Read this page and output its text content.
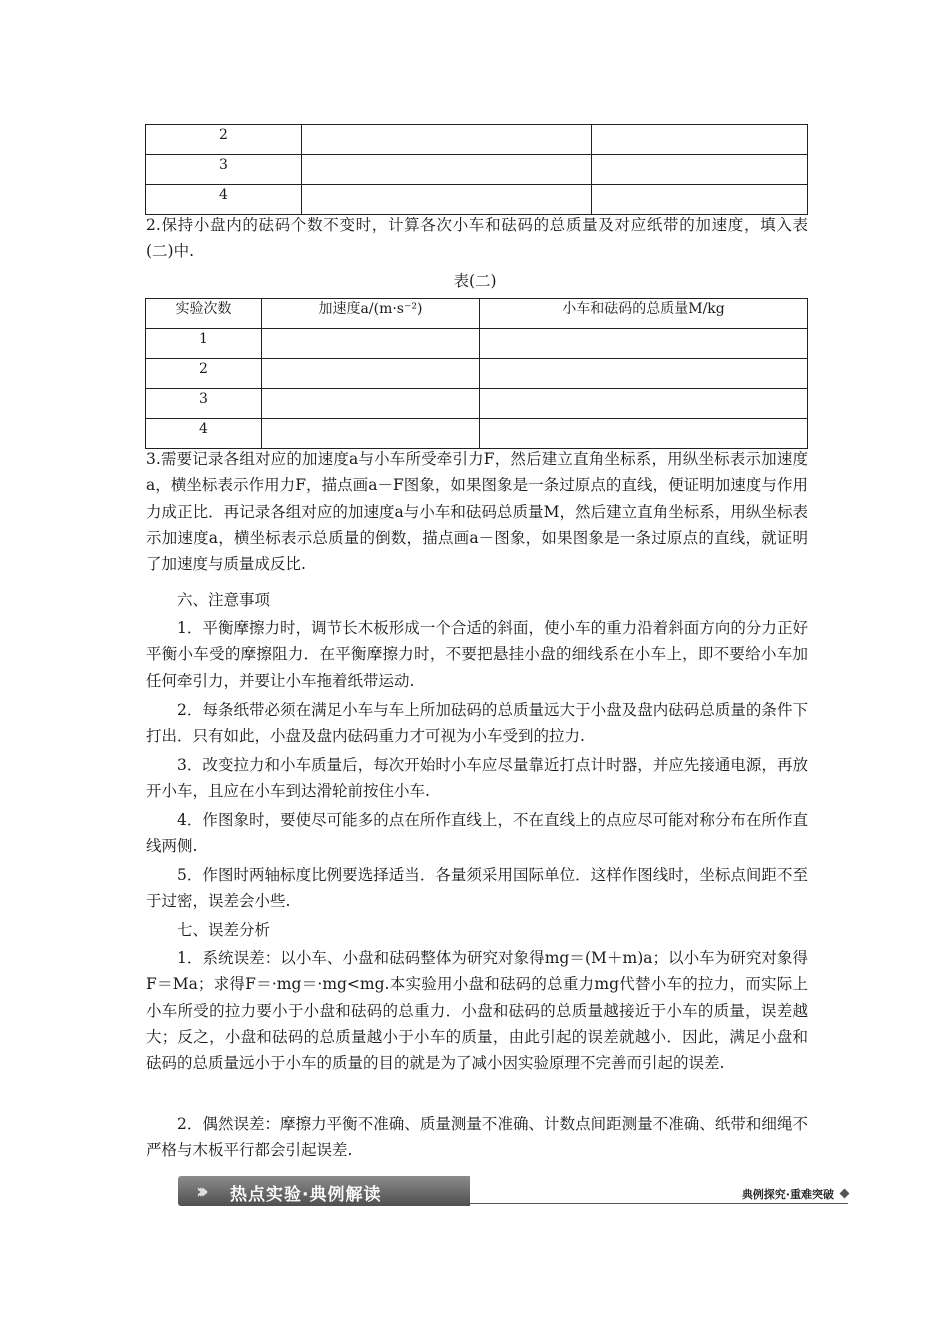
2		
3		
4		

2.保持小盘内的砝码个数不变时，计算各次小车和砝码的总质量及对应纸带的加速度，填入表(二)中.

表(二)
实验次数	加速度a/(m·s⁻²)	小车和砝码的总质量M/kg
1		
2		
3		
4		

3.需要记录各组对应的加速度a与小车所受牵引力F，然后建立直角坐标系，用纵坐标表示加速度a，横坐标表示作用力F，描点画a－F图象，如果图象是一条过原点的直线，便证明加速度与作用力成正比．再记录各组对应的加速度a与小车和砝码总质量M，然后建立直角坐标系，用纵坐标表示加速度a，横坐标表示总质量的倒数，描点画a－图象，如果图象是一条过原点的直线，就证明了加速度与质量成反比.

六、注意事项

1．平衡摩擦力时，调节长木板形成一个合适的斜面，使小车的重力沿着斜面方向的分力正好平衡小车受的摩擦阻力．在平衡摩擦力时，不要把悬挂小盘的细线系在小车上，即不要给小车加任何牵引力，并要让小车拖着纸带运动.

2．每条纸带必须在满足小车与车上所加砝码的总质量远大于小盘及盘内砝码总质量的条件下打出．只有如此，小盘及盘内砝码重力才可视为小车受到的拉力.

3．改变拉力和小车质量后，每次开始时小车应尽量靠近打点计时器，并应先接通电源，再放开小车，且应在小车到达滑轮前按住小车.

4．作图象时，要使尽可能多的点在所作直线上，不在直线上的点应尽可能对称分布在所作直线两侧.

5．作图时两轴标度比例要选择适当．各量须采用国际单位．这样作图线时，坐标点间距不至于过密，误差会小些.

七、误差分析

1．系统误差：以小车、小盘和砝码整体为研究对象得mg＝(M＋m)a；以小车为研究对象得F＝Ma；求得F＝·mg＝·mg<mg.本实验用小盘和砝码的总重力mg代替小车的拉力，而实际上小车所受的拉力要小于小盘和砝码的总重力．小盘和砝码的总质量越接近于小车的质量，误差越大；反之，小盘和砝码的总质量越小于小车的质量，由此引起的误差就越小．因此，满足小盘和砝码的总质量远小于小车的质量的目的就是为了减小因实验原理不完善而引起的误差.

2．偶然误差：摩擦力平衡不准确、质量测量不准确、计数点间距测量不准确、纸带和细绳不严格与木板平行都会引起误差.

››› 热点实验·典例解读	典例探究·重难突破
